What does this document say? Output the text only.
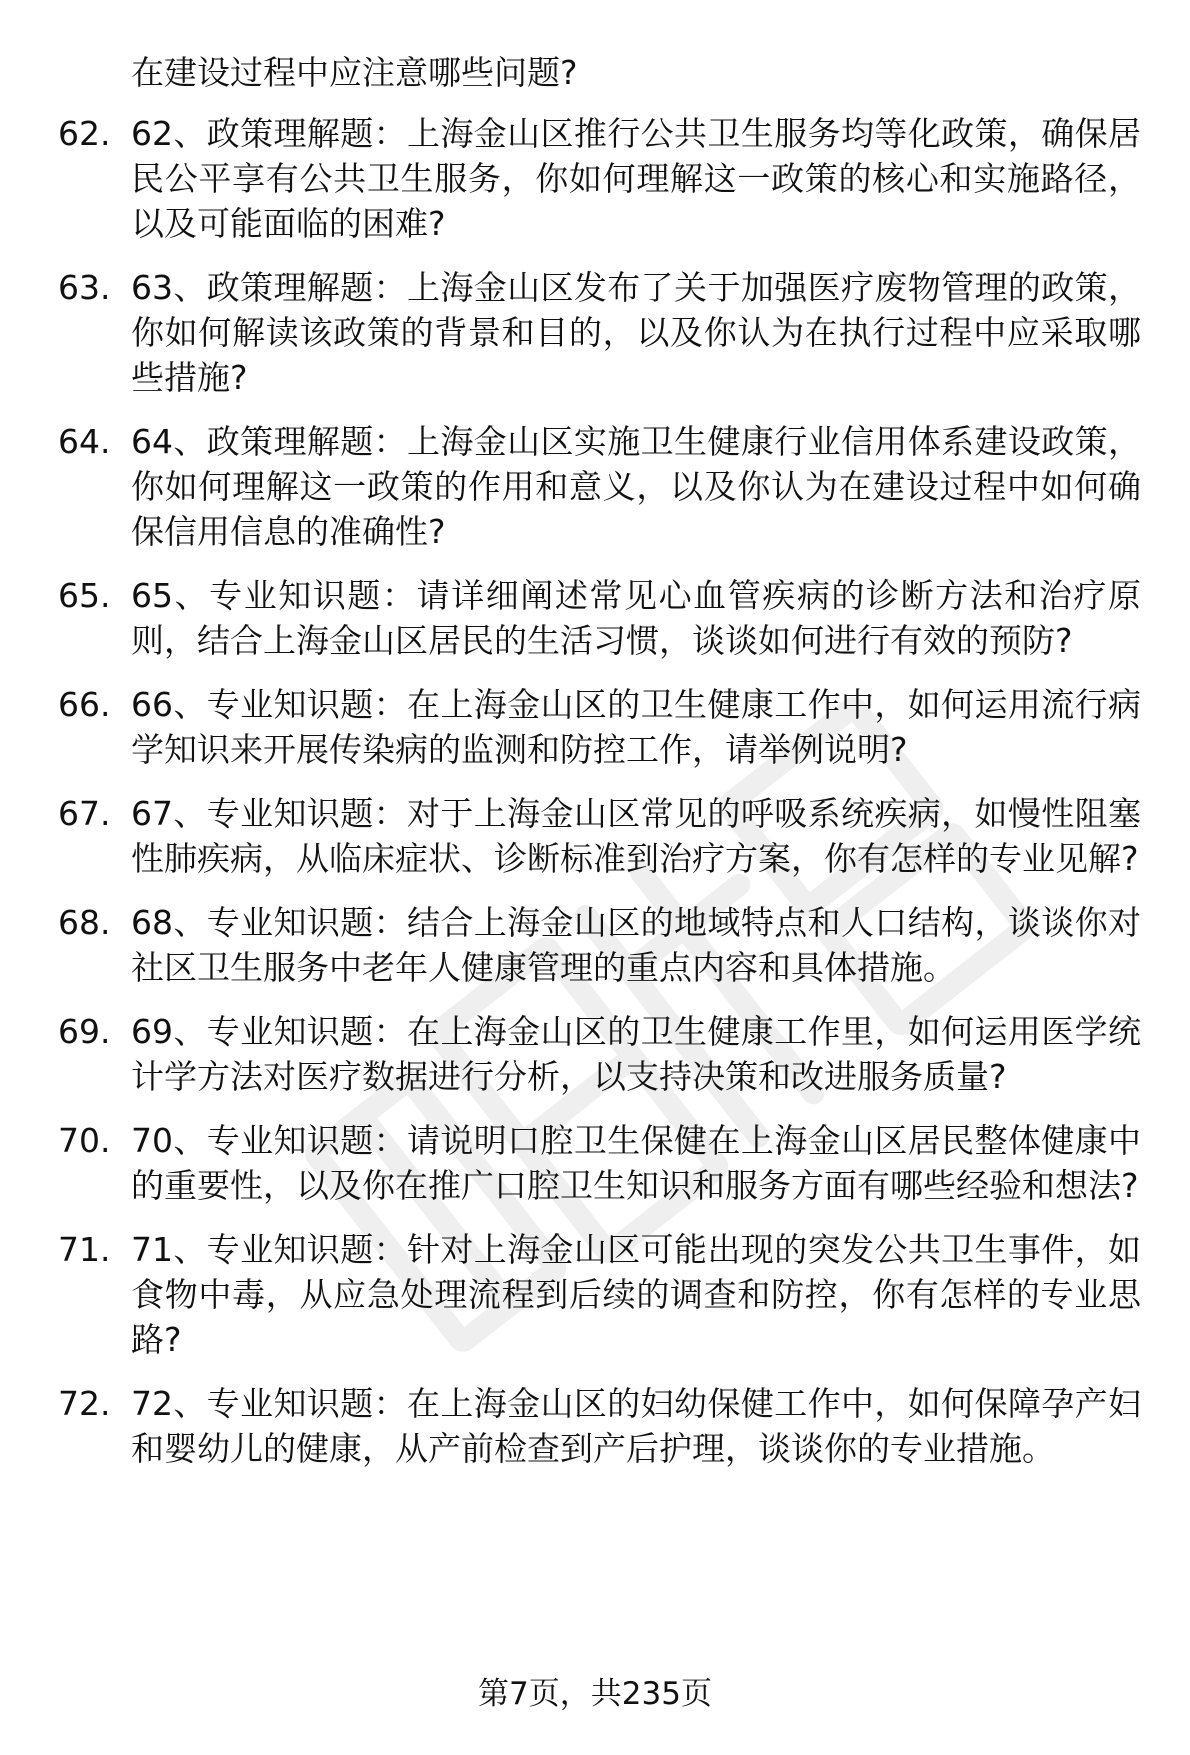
在建设过程中应注意哪些问题?
62. 62、政策理解题：上海金山区推行公共卫生服务均等化政策，确保居民公平享有公共卫生服务，你如何理解这一政策的核心和实施路径，以及可能面临的困难?
63. 63、政策理解题：上海金山区发布了关于加强医疗废物管理的政策，你如何解读该政策的背景和目的，以及你认为在执行过程中应采取哪些措施?
64. 64、政策理解题：上海金山区实施卫生健康行业信用体系建设政策，你如何理解这一政策的作用和意义，以及你认为在建设过程中如何确保信用信息的准确性?
65. 65、专业知识题：请详细阐述常见心血管疾病的诊断方法和治疗原则，结合上海金山区居民的生活习惯，谈谈如何进行有效的预防?
66. 66、专业知识题：在上海金山区的卫生健康工作中，如何运用流行病学知识来开展传染病的监测和防控工作，请举例说明?
67. 67、专业知识题：对于上海金山区常见的呼吸系统疾病，如慢性阻塞性肺疾病，从临床症状、诊断标准到治疗方案，你有怎样的专业见解?
68. 68、专业知识题：结合上海金山区的地域特点和人口结构，谈谈你对社区卫生服务中老年人健康管理的重点内容和具体措施。
69. 69、专业知识题：在上海金山区的卫生健康工作里，如何运用医学统计学方法对医疗数据进行分析，以支持决策和改进服务质量?
70. 70、专业知识题：请说明口腔卫生保健在上海金山区居民整体健康中的重要性，以及你在推广口腔卫生知识和服务方面有哪些经验和想法?
71. 71、专业知识题：针对上海金山区可能出现的突发公共卫生事件，如食物中毒，从应急处理流程到后续的调查和防控，你有怎样的专业思路?
72. 72、专业知识题：在上海金山区的妇幼保健工作中，如何保障孕产妇和婴幼儿的健康，从产前检查到产后护理，谈谈你的专业措施。
第7页，共235页
